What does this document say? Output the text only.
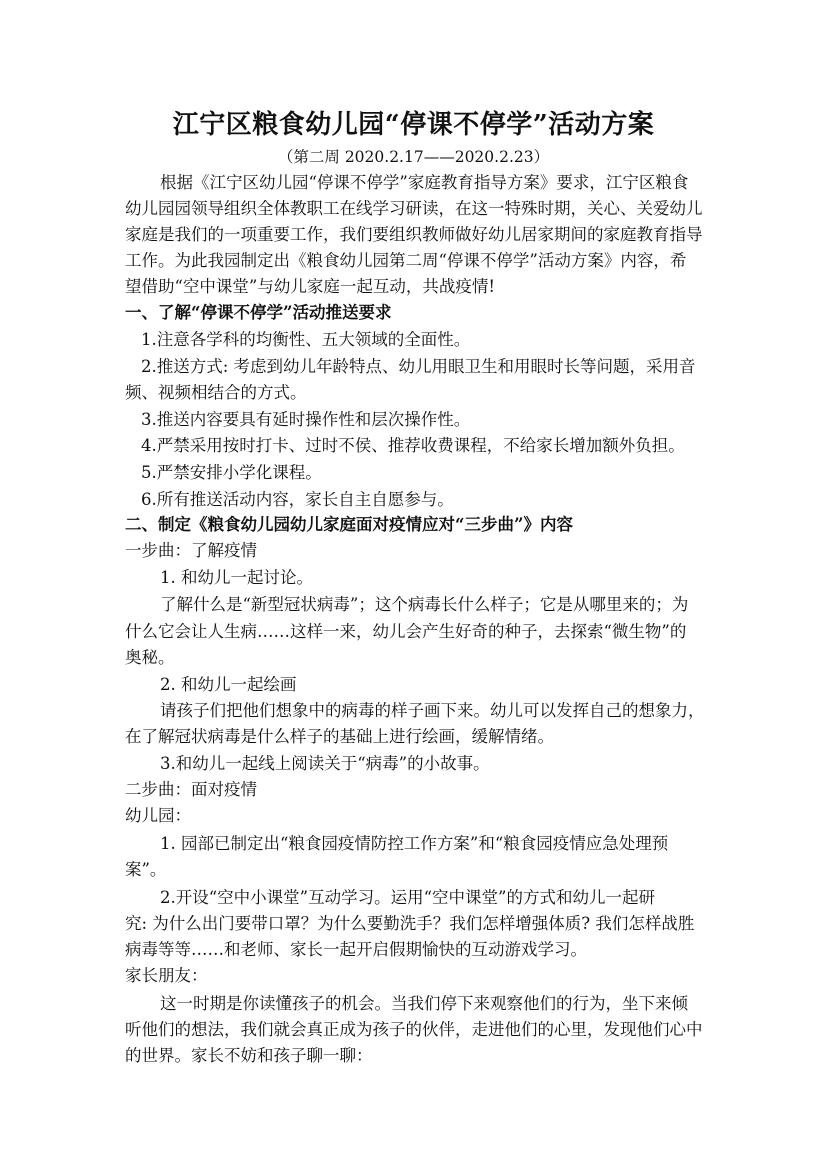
江宁区粮食幼儿园“停课不停学”活动方案
（第二周 2020.2.17——2020.2.23）
根据《江宁区幼儿园“停课不停学”家庭教育指导方案》要求，江宁区粮食
幼儿园园领导组织全体教职工在线学习研读，在这一特殊时期，关心、关爱幼儿
家庭是我们的一项重要工作，我们要组织教师做好幼儿居家期间的家庭教育指导
工作。为此我园制定出《粮食幼儿园第二周“停课不停学”活动方案》内容，希
望借助“空中课堂”与幼儿家庭一起互动，共战疫情!
一、了解“停课不停学”活动推送要求
1.注意各学科的均衡性、五大领域的全面性。
2.推送方式: 考虑到幼儿年龄特点、幼儿用眼卫生和用眼时长等问题，采用音
频、视频相结合的方式。
3.推送内容要具有延时操作性和层次操作性。
4.严禁采用按时打卡、过时不侯、推荐收费课程，不给家长增加额外负担。
5.严禁安排小学化课程。
6.所有推送活动内容，家长自主自愿参与。
二、制定《粮食幼儿园幼儿家庭面对疫情应对“三步曲”》内容
一步曲：了解疫情
1. 和幼儿一起讨论。
了解什么是“新型冠状病毒”；这个病毒长什么样子；它是从哪里来的；为
什么它会让人生病……这样一来，幼儿会产生好奇的种子，去探索“微生物”的
奥秘。
2. 和幼儿一起绘画
请孩子们把他们想象中的病毒的样子画下来。幼儿可以发挥自己的想象力，
在了解冠状病毒是什么样子的基础上进行绘画，缓解情绪。
3.和幼儿一起线上阅读关于“病毒”的小故事。
二步曲：面对疫情
幼儿园：
1. 园部已制定出“粮食园疫情防控工作方案”和“粮食园疫情应急处理预
案”。
2.开设“空中小课堂”互动学习。运用“空中课堂”的方式和幼儿一起研
究: 为什么出门要带口罩？为什么要勤洗手？我们怎样增强体质? 我们怎样战胜
病毒等等……和老师、家长一起开启假期愉快的互动游戏学习。
家长朋友：
这一时期是你读懂孩子的机会。当我们停下来观察他们的行为，坐下来倾
听他们的想法，我们就会真正成为孩子的伙伴，走进他们的心里，发现他们心中
的世界。家长不妨和孩子聊一聊：
